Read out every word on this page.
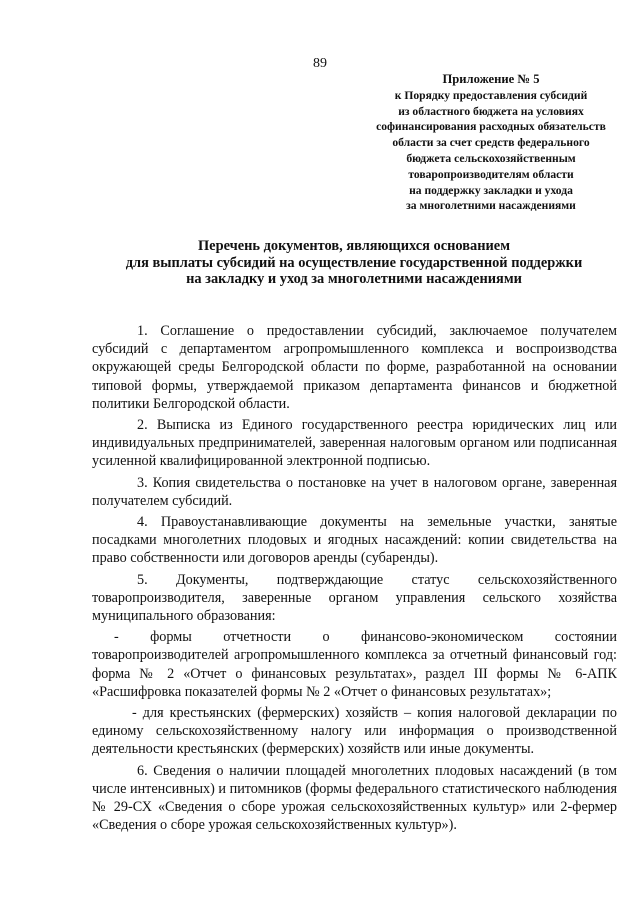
89
Приложение № 5
к Порядку предоставления субсидий
из областного бюджета на условиях
софинансирования расходных обязательств
области за счет средств федерального
бюджета сельскохозяйственным
товаропроизводителям области
на поддержку закладки и ухода
за многолетними насаждениями
Перечень документов, являющихся основанием
для выплаты субсидий на осуществление государственной поддержки
на закладку и уход за многолетними насаждениями

1. Соглашение о предоставлении субсидий, заключаемое получателем субсидий с департаментом агропромышленного комплекса и воспроизводства окружающей среды Белгородской области по форме, разработанной на основании типовой формы, утверждаемой приказом департамента финансов и бюджетной политики Белгородской области.

2. Выписка из Единого государственного реестра юридических лиц или индивидуальных предпринимателей, заверенная налоговым органом или подписанная усиленной квалифицированной электронной подписью.

3. Копия свидетельства о постановке на учет в налоговом органе, заверенная получателем субсидий.

4. Правоустанавливающие документы на земельные участки, занятые посадками многолетних плодовых и ягодных насаждений: копии свидетельства на право собственности или договоров аренды (субаренды).

5. Документы, подтверждающие статус сельскохозяйственного товаропроизводителя, заверенные органом управления сельского хозяйства муниципального образования:

- формы отчетности о финансово-экономическом состоянии товаропроизводителей агропромышленного комплекса за отчетный финансовый год: форма № 2 «Отчет о финансовых результатах», раздел III формы № 6-АПК «Расшифровка показателей формы № 2 «Отчет о финансовых результатах»;

- для крестьянских (фермерских) хозяйств – копия налоговой декларации по единому сельскохозяйственному налогу или информация о производственной деятельности крестьянских (фермерских) хозяйств или иные документы.

6. Сведения о наличии площадей многолетних плодовых насаждений (в том числе интенсивных) и питомников (формы федерального статистического наблюдения № 29-СХ «Сведения о сборе урожая сельскохозяйственных культур» или 2-фермер «Сведения о сборе урожая сельскохозяйственных культур»).
